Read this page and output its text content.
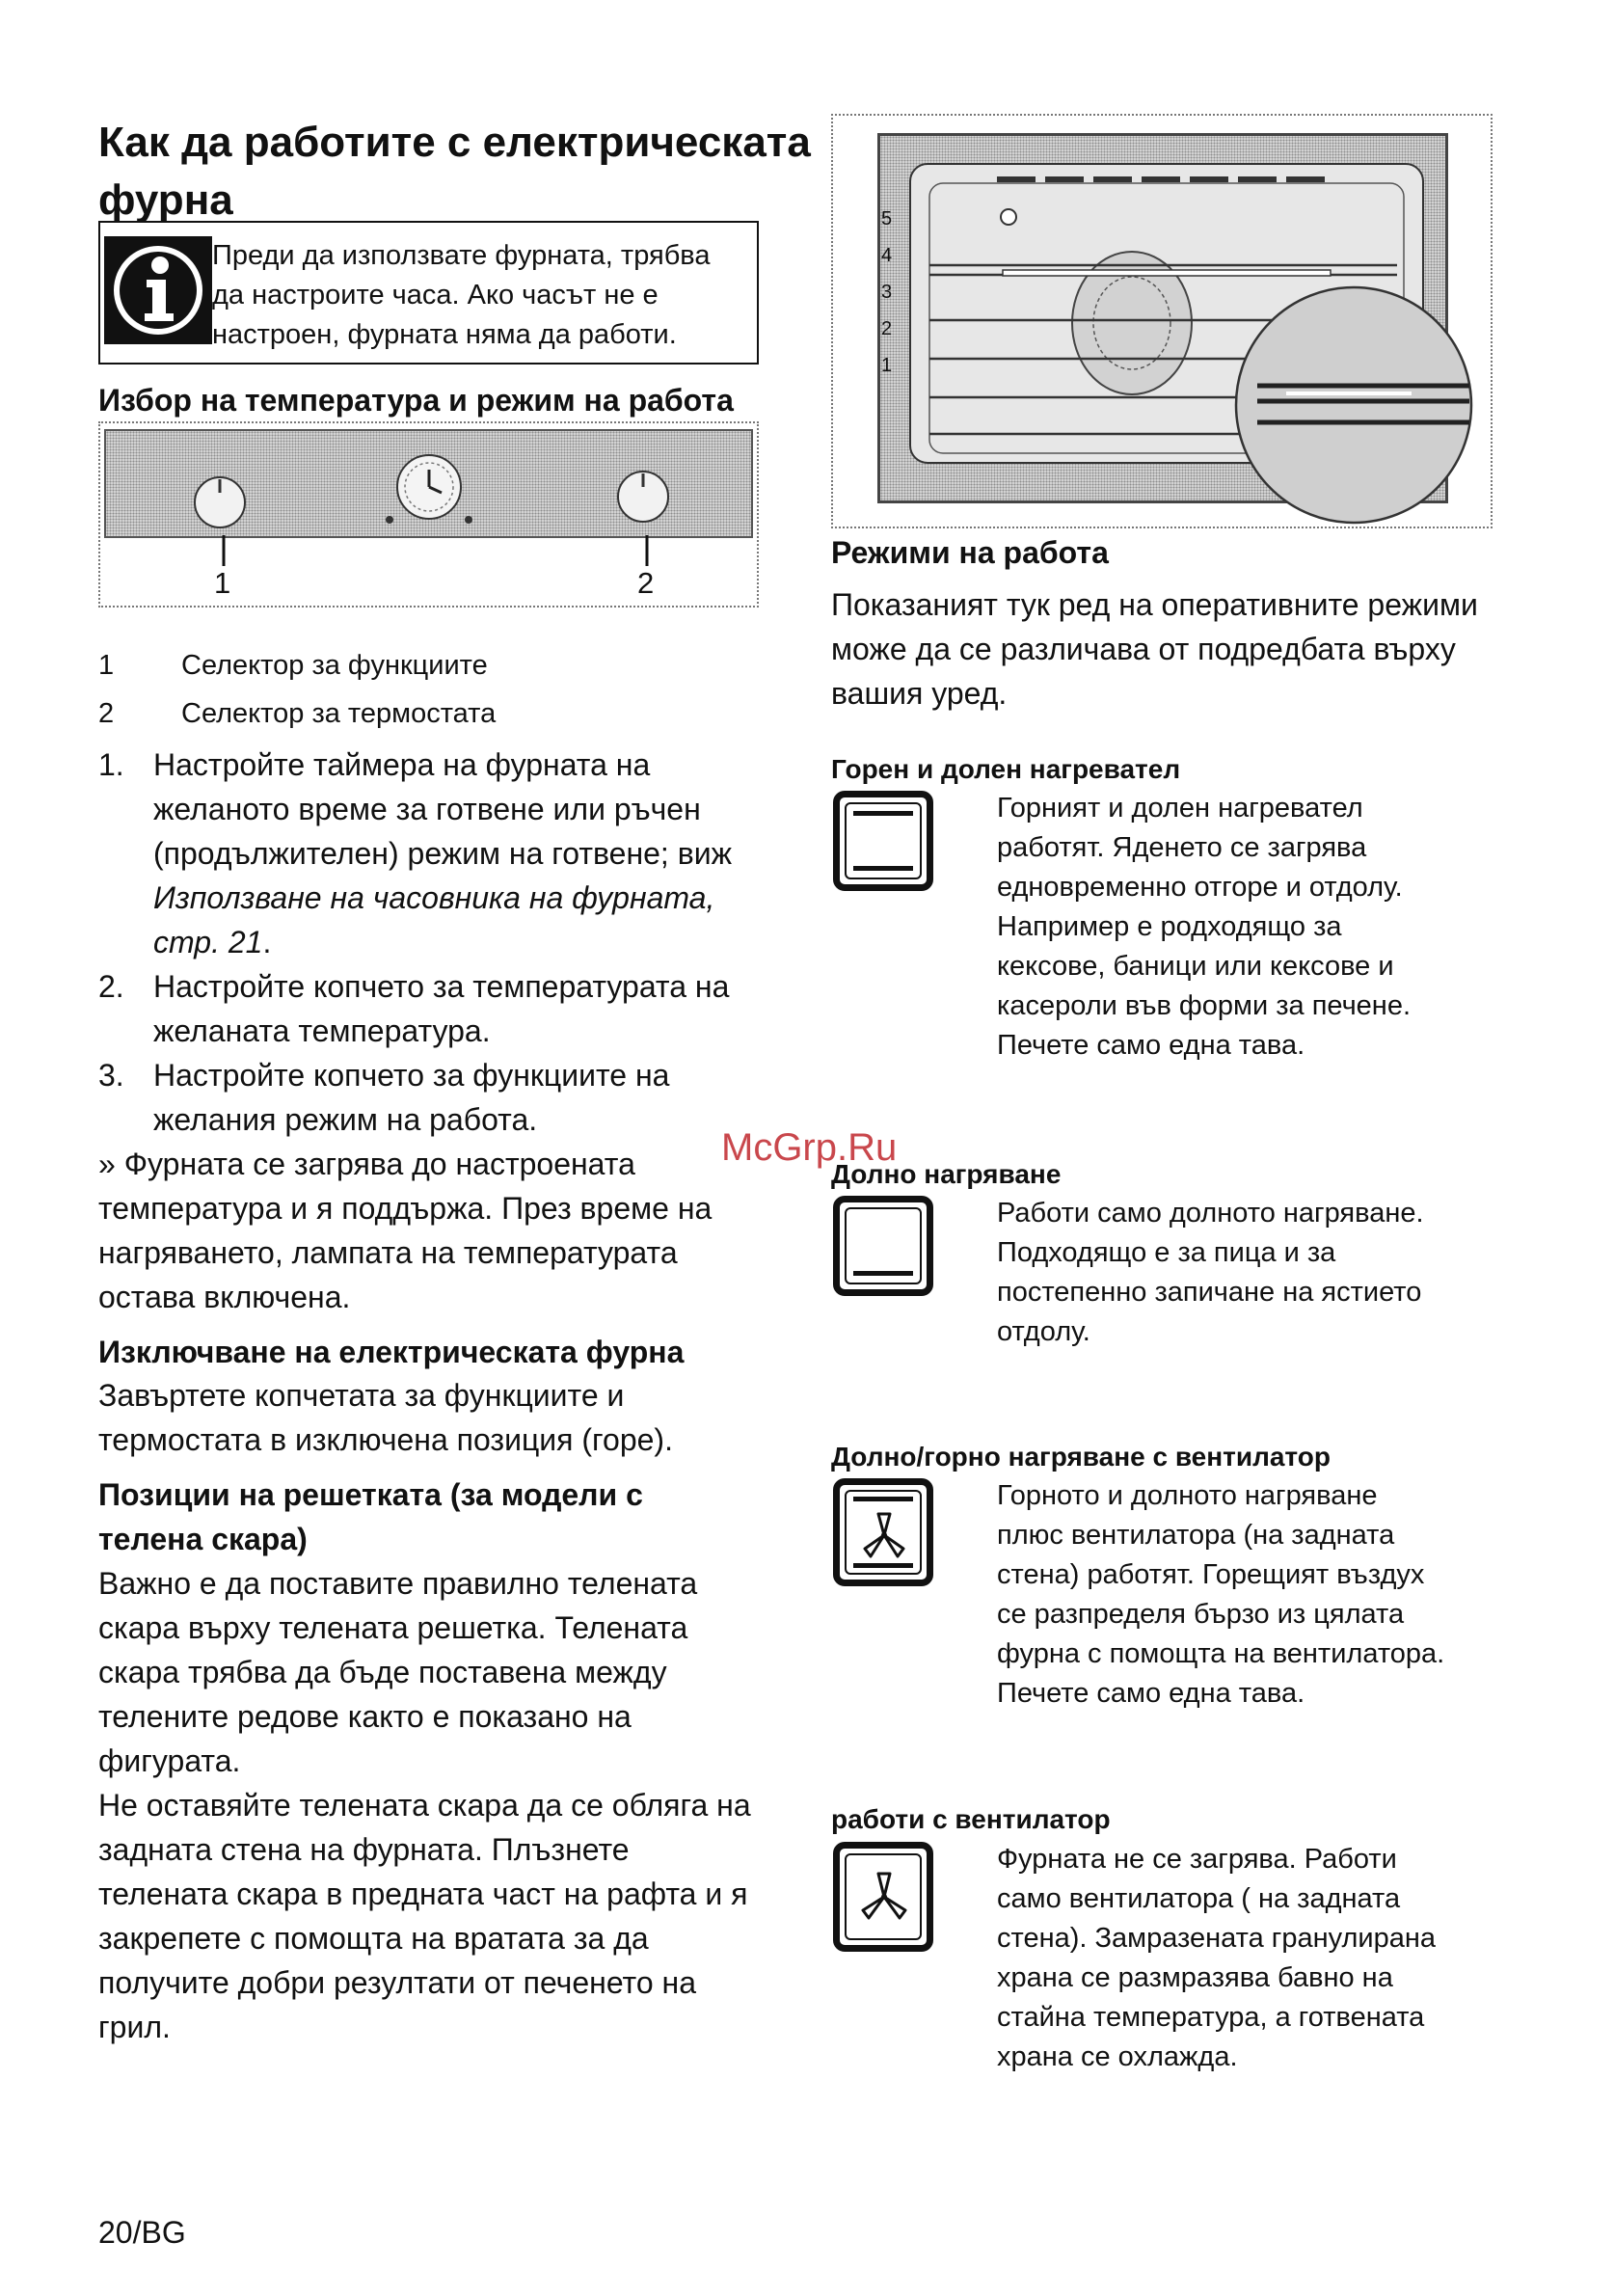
Как да работите с електрическата
фурна
Преди да използвате фурната, трябва
да настроите часа. Ако часът не е
настроен, фурната няма да работи.
Избор на температура и режим на работа
1	2
1	Селектор за функциите
2	Селектор за термостата
1. Настройте таймера на фурната на
желаното време за готвене или ръчен
(продължителен) режим на готвене; виж
Използване на часовника на фурната,
стр. 21.
2. Настройте копчето за температурата на
желаната температура.
3. Настройте копчето за функциите на
желания режим на работа.
» Фурната се загрява до настроената
температура и я поддържа. През време на
нагряването, лампата на температурата
остава включена.
Изключване на електрическата фурна
Завъртете копчетата за функциите и
термостата в изключена позиция (горе).
Позиции на решетката (за модели с
телена скара)
Важно е да поставите правилно телената
скара върху телената решетка. Телената
скара трябва да бъде поставена между
телените редове както е показано на
фигурата.
Не оставяйте телената скара да се обляга на
задната стена на фурната. Плъзнете
телената скара в предната част на рафта и я
закрепете с помощта на вратата за да
получите добри резултати от печенето на
грил.
20/BG
5
4
3
2
1
Режими на работа
Показаният тук ред на оперативните режими
може да се различава от подредбата върху
вашия уред.
Горен и долен нагревател
Горният и долен нагревател
работят. Яденето се загрява
едновременно отгоре и отдолу.
Например е родходящо за
кексове, баници или кексове и
касероли във форми за печене.
Печете само една тава.
Долно нагряване
Работи само долното нагряване.
Подходящо е за пица и за
постепенно запичане на ястието
отдолу.
Долно/горно нагряване с вентилатор
Горното и долното нагряване
плюс вентилатора (на задната
стена) работят. Горещият въздух
се разпределя бързо из цялата
фурна с помощта на вентилатора.
Печете само една тава.
работи с вентилатор
Фурната не се загрява. Работи
само вентилатора ( на задната
стена). Замразената гранулирана
храна се размразява бавно на
стайна температура, а готвената
храна се охлажда.
McGrp.Ru
